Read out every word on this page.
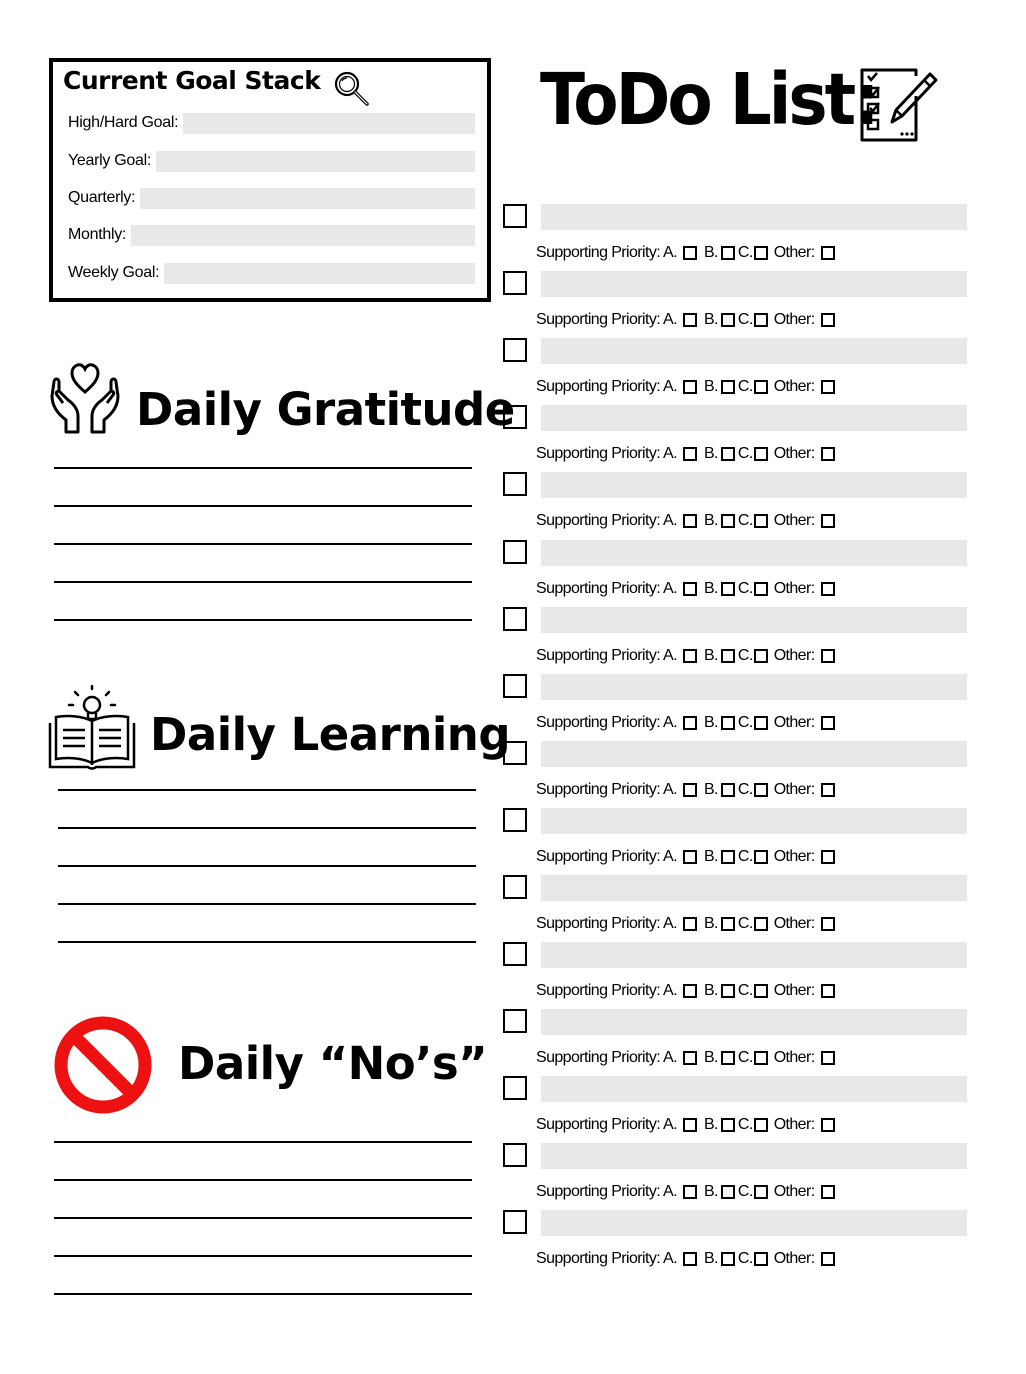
Current Goal Stack
High/Hard Goal:
Yearly Goal:
Quarterly:
Monthly:
Weekly Goal:
Daily Gratitude
Daily Learning
Daily “No’s”
ToDo List:
Supporting Priority: A. B. C. Other:
Supporting Priority: A. B. C. Other:
Supporting Priority: A. B. C. Other:
Supporting Priority: A. B. C. Other:
Supporting Priority: A. B. C. Other:
Supporting Priority: A. B. C. Other:
Supporting Priority: A. B. C. Other:
Supporting Priority: A. B. C. Other:
Supporting Priority: A. B. C. Other:
Supporting Priority: A. B. C. Other:
Supporting Priority: A. B. C. Other:
Supporting Priority: A. B. C. Other:
Supporting Priority: A. B. C. Other:
Supporting Priority: A. B. C. Other:
Supporting Priority: A. B. C. Other:
Supporting Priority: A. B. C. Other:
